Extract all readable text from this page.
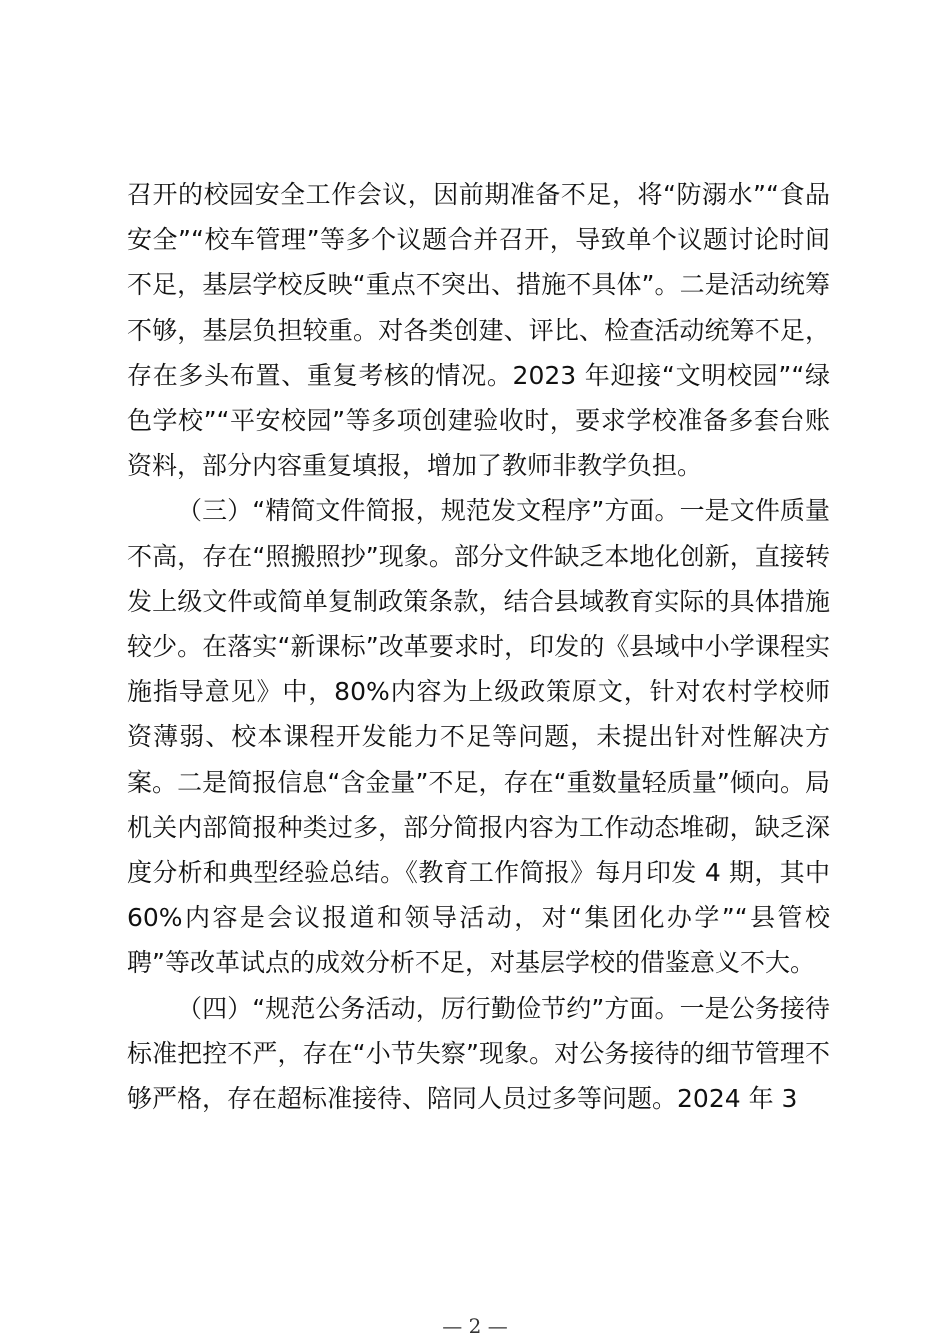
召开的校园安全工作会议，因前期准备不足，将“防溺水”“食品安全”“校车管理”等多个议题合并召开，导致单个议题讨论时间不足，基层学校反映“重点不突出、措施不具体”。二是活动统筹不够，基层负担较重。对各类创建、评比、检查活动统筹不足，存在多头布置、重复考核的情况。2023 年迎接“文明校园”“绿色学校”“平安校园”等多项创建验收时，要求学校准备多套台账资料，部分内容重复填报，增加了教师非教学负担。

（三）“精简文件简报，规范发文程序”方面。一是文件质量不高，存在“照搬照抄”现象。部分文件缺乏本地化创新，直接转发上级文件或简单复制政策条款，结合县域教育实际的具体措施较少。在落实“新课标”改革要求时，印发的《县域中小学课程实施指导意见》中，80%内容为上级政策原文，针对农村学校师资薄弱、校本课程开发能力不足等问题，未提出针对性解决方案。二是简报信息“含金量”不足，存在“重数量轻质量”倾向。局机关内部简报种类过多，部分简报内容为工作动态堆砌，缺乏深度分析和典型经验总结。《教育工作简报》每月印发 4 期，其中 60%内容是会议报道和领导活动，对“集团化办学”“县管校聘”等改革试点的成效分析不足，对基层学校的借鉴意义不大。

（四）“规范公务活动，厉行勤俭节约”方面。一是公务接待标准把控不严，存在“小节失察”现象。对公务接待的细节管理不够严格，存在超标准接待、陪同人员过多等问题。2024 年 3

— 2 —
